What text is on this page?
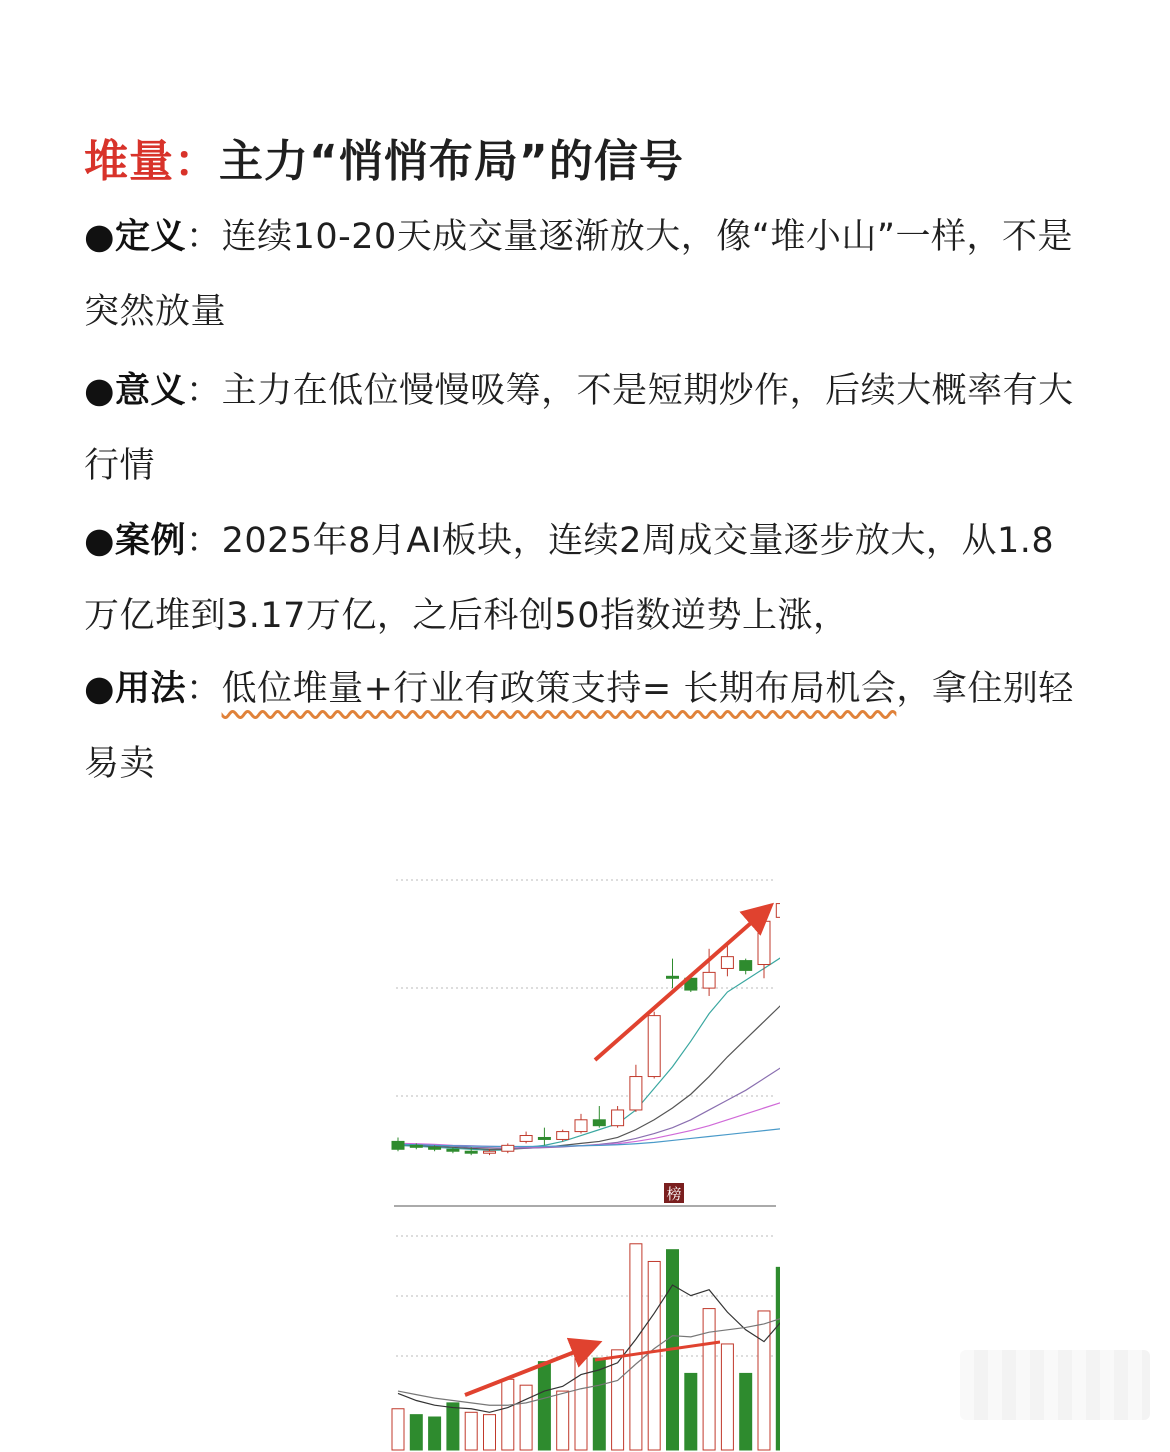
堆量：主力“悄悄布局”的信号

●定义：连续10-20天成交量逐渐放大，像“堆小山”一样，不是突然放量

●意义：主力在低位慢慢吸筹，不是短期炒作，后续大概率有大行情

●案例：2025年8月AI板块，连续2周成交量逐步放大，从1.8万亿堆到3.17万亿，之后科创50指数逆势上涨，

●用法：低位堆量+行业有政策支持= 长期布局机会，拿住别轻易卖

榜
